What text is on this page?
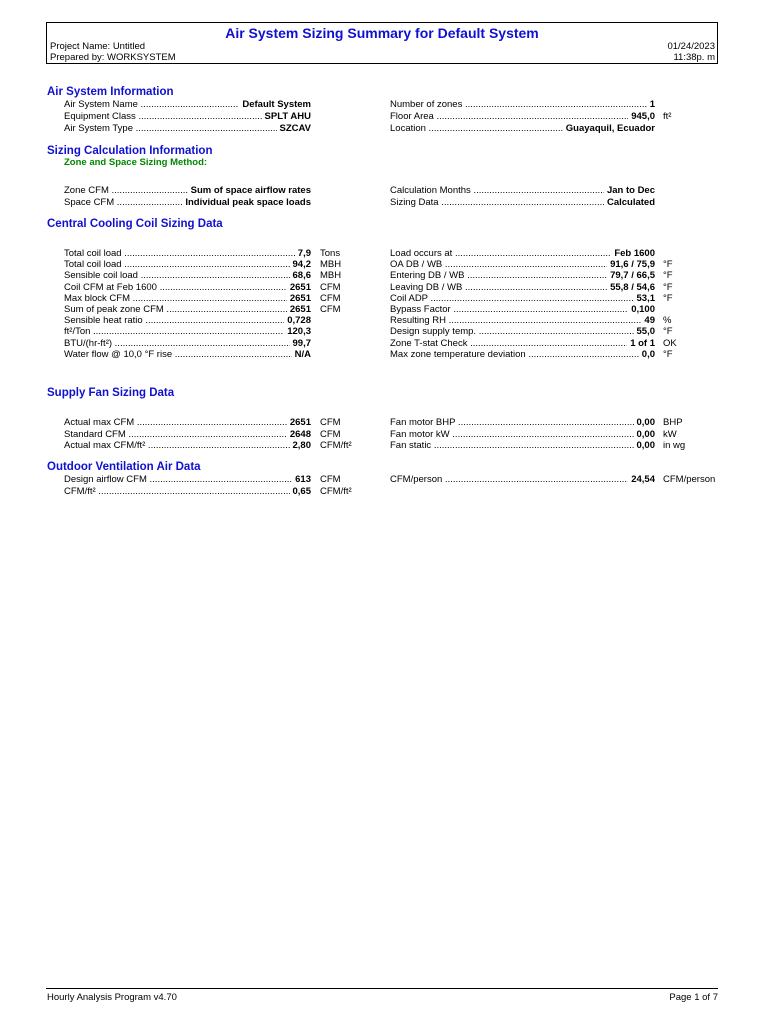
Air System Sizing Summary for Default System
Project Name: Untitled
Prepared by: WORKSYSTEM
01/24/2023
11:38p. m
Air System Information
Sizing Calculation Information
Zone and Space Sizing Method:
Central Cooling Coil Sizing Data
Supply Fan Sizing Data
Outdoor Ventilation Air Data
Hourly Analysis Program v4.70	Page 1 of 7
Air System Name .....	Default System
Equipment Class .....	SPLT AHU
Air System Type .....	SZCAV
Number of zones .....	1
Floor Area .....	945,0 ft²
Location .....	Guayaquil, Ecuador
Zone CFM .....	Sum of space airflow rates
Space CFM .....	Individual peak space loads
Calculation Months .....	Jan to Dec
Sizing Data .....	Calculated
Total coil load .....	7,9 Tons
Total coil load .....	94,2 MBH
Sensible coil load .....	68,6 MBH
Coil CFM at Feb 1600 .....	2651 CFM
Max block CFM .....	2651 CFM
Sum of peak zone CFM .....	2651 CFM
Sensible heat ratio .....	0,728
ft²/Ton .....	120,3
BTU/(hr-ft²) .....	99,7
Water flow @ 10,0 °F rise .....	N/A
Load occurs at .....	Feb 1600
OA DB / WB .....	91,6 / 75,9 °F
Entering DB / WB .....	79,7 / 66,5 °F
Leaving DB / WB .....	55,8 / 54,6 °F
Coil ADP .....	53,1 °F
Bypass Factor .....	0,100
Resulting RH .....	49 %
Design supply temp. .....	55,0 °F
Zone T-stat Check .....	1 of 1 OK
Max zone temperature deviation .....	0,0 °F
Actual max CFM .....	2651 CFM
Standard CFM .....	2648 CFM
Actual max CFM/ft² .....	2,80 CFM/ft²
Fan motor BHP .....	0,00 BHP
Fan motor kW .....	0,00 kW
Fan static .....	0,00 in wg
Design airflow CFM .....	613 CFM
CFM/ft² .....	0,65 CFM/ft²
CFM/person .....	24,54 CFM/person
